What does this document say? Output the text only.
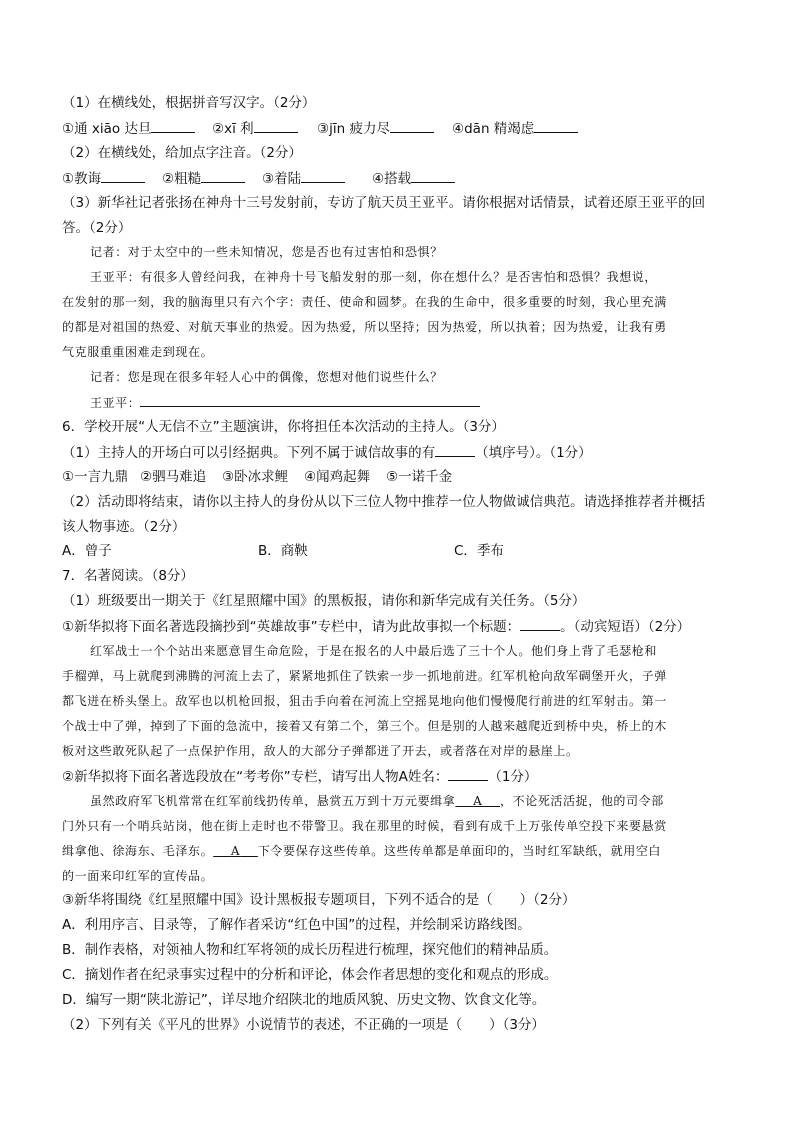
（1）在横线处，根据拼音写汉字。（2分）
①通 xiāo 达旦	②xī 利	③jīn 疲力尽	④dān 精竭虑
（2）在横线处，给加点字注音。（2分）
①教诲	②粗糙	③着陆	④搭载
（3）新华社记者张扬在神舟十三号发射前，专访了航天员王亚平。请你根据对话情景，试着还原王亚平的回
答。（2分）
记者：对于太空中的一些未知情况，您是否也有过害怕和恐惧？
王亚平：有很多人曾经问我，在神舟十号飞船发射的那一刻，你在想什么？是否害怕和恐惧？我想说，
在发射的那一刻，我的脑海里只有六个字：责任、使命和圆梦。在我的生命中，很多重要的时刻，我心里充满
的都是对祖国的热爱、对航天事业的热爱。因为热爱，所以坚持；因为热爱，所以执着；因为热爱，让我有勇
气克服重重困难走到现在。
记者：您是现在很多年轻人心中的偶像，您想对他们说些什么？
王亚平：
6．学校开展“人无信不立”主题演讲，你将担任本次活动的主持人。（3分）
（1）主持人的开场白可以引经据典。下列不属于诚信故事的有	（填序号）。（1分）
①一言九鼎 ②驷马难追 ③卧冰求鲤 ④闻鸡起舞 ⑤一诺千金
（2）活动即将结束，请你以主持人的身份从以下三位人物中推荐一位人物做诚信典范。请选择推荐者并概括
该人物事迹。（2分）
A．曾子	B．商鞅	C．季布
7．名著阅读。（8分）
（1）班级要出一期关于《红星照耀中国》的黑板报，请你和新华完成有关任务。（5分）
①新华拟将下面名著选段摘抄到“英雄故事”专栏中，请为此故事拟一个标题：	。（动宾短语）（2分）
红军战士一个个站出来愿意冒生命危险，于是在报名的人中最后选了三十个人。他们身上背了毛瑟枪和
手榴弹，马上就爬到沸腾的河流上去了，紧紧地抓住了铁索一步一抓地前进。红军机枪向敌军碉堡开火，子弹
都飞迸在桥头堡上。敌军也以机枪回报，狙击手向着在河流上空摇晃地向他们慢慢爬行前进的红军射击。第一
个战士中了弹，掉到了下面的急流中，接着又有第二个，第三个。但是别的人越来越爬近到桥中央，桥上的木
板对这些敢死队起了一点保护作用，敌人的大部分子弹都迸了开去，或者落在对岸的悬崖上。
②新华拟将下面名著选段放在“考考你”专栏，请写出人物A姓名：	（1分）
虽然政府军飞机常常在红军前线扔传单，悬赏五万到十万元要缉拿 A ，不论死活活捉，他的司令部
门外只有一个哨兵站岗，他在街上走时也不带警卫。我在那里的时候，看到有成千上万张传单空投下来要悬赏
缉拿他、徐海东、毛泽东。 A 下令要保存这些传单。这些传单都是单面印的，当时红军缺纸，就用空白
的一面来印红军的宣传品。
③新华将围绕《红星照耀中国》设计黑板报专题项目，下列不适合的是（　　）（2分）
A．利用序言、目录等，了解作者采访“红色中国”的过程，并绘制采访路线图。
B．制作表格，对领袖人物和红军将领的成长历程进行梳理，探究他们的精神品质。
C．摘划作者在纪录事实过程中的分析和评论，体会作者思想的变化和观点的形成。
D．编写一期“陕北游记”，详尽地介绍陕北的地质风貌、历史文物、饮食文化等。
（2）下列有关《平凡的世界》小说情节的表述，不正确的一项是（　　）（3分）
